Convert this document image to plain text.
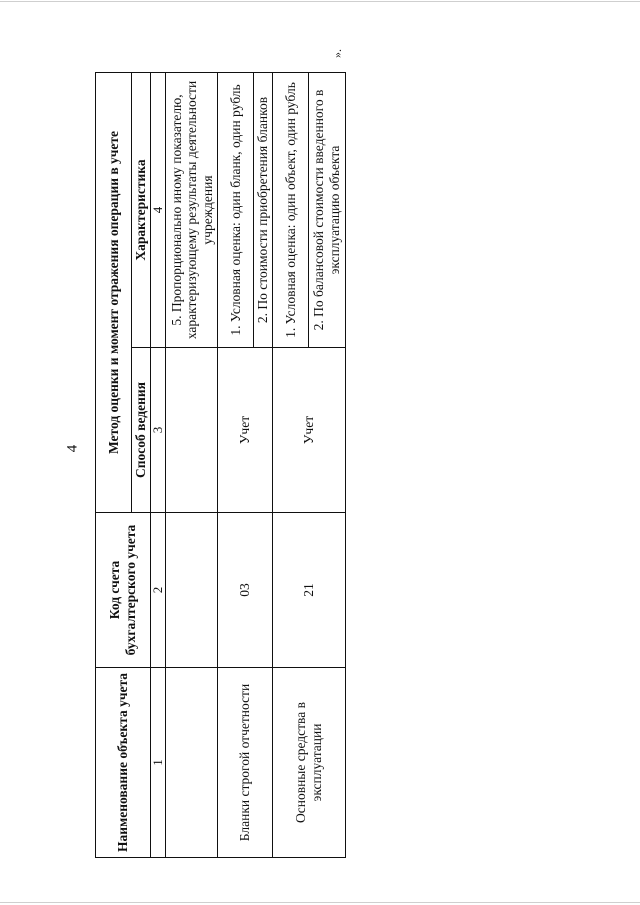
4
».
Наименование объекта учета	Код счета бухгалтерского учета	Метод оценки и момент отражения операции в учете	
		Способ ведения	Характеристика
1	2	3	4
			5. Пропорционально иному показателю, характеризующему результаты деятельности учреждения
Бланки строгой отчетности	03	Учет	1. Условная оценка: один бланк, один рубль
			2. По стоимости приобретения бланков
Основные средства в эксплуатации	21	Учет	1. Условная оценка: один объект, один рубль
			2. По балансовой стоимости введенного в эксплуатацию объекта
